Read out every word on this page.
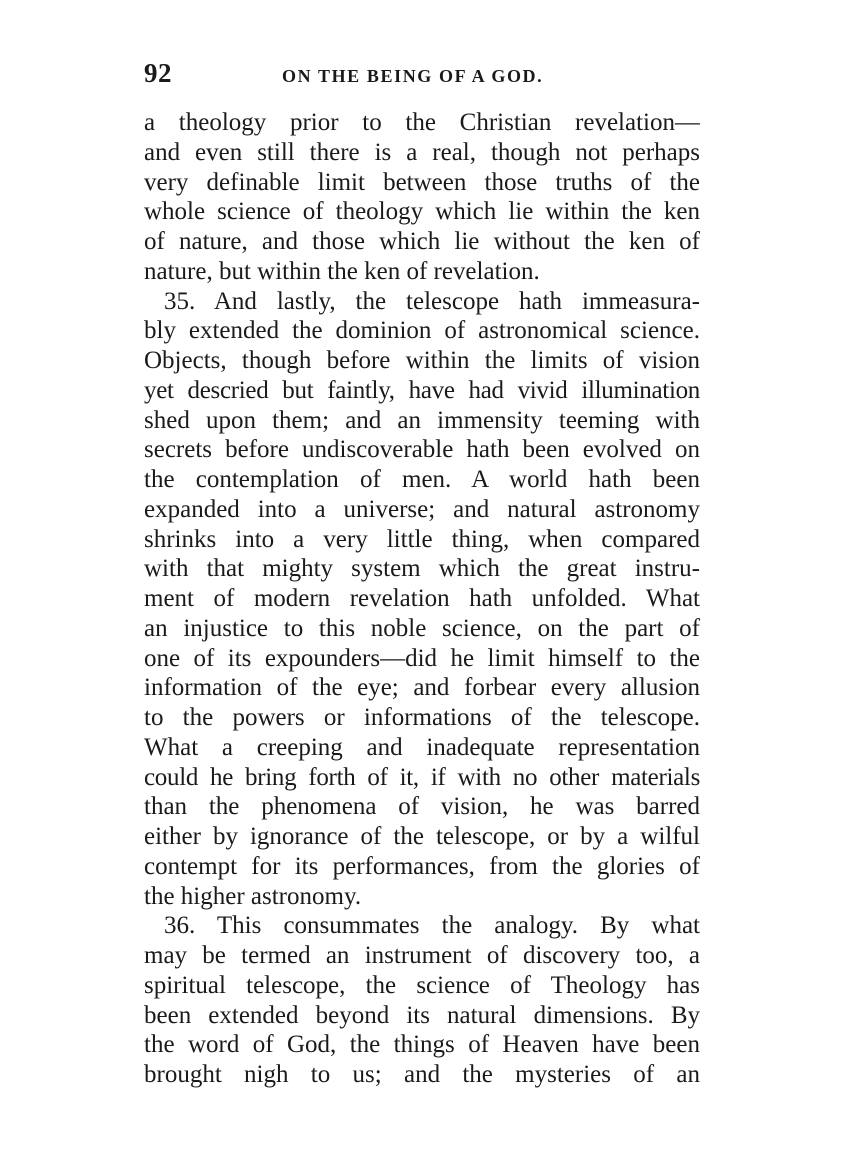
92	ON THE BEING OF A GOD.
a theology prior to the Christian revelation—
and even still there is a real, though not perhaps
very definable limit between those truths of the
whole science of theology which lie within the ken
of nature, and those which lie without the ken of
nature, but within the ken of revelation.
35. And lastly, the telescope hath immeasura-
bly extended the dominion of astronomical science.
Objects, though before within the limits of vision
yet descried but faintly, have had vivid illumination
shed upon them; and an immensity teeming with
secrets before undiscoverable hath been evolved on
the contemplation of men. A world hath been
expanded into a universe; and natural astronomy
shrinks into a very little thing, when compared
with that mighty system which the great instru-
ment of modern revelation hath unfolded. What
an injustice to this noble science, on the part of
one of its expounders—did he limit himself to the
information of the eye; and forbear every allusion
to the powers or informations of the telescope.
What a creeping and inadequate representation
could he bring forth of it, if with no other materials
than the phenomena of vision, he was barred
either by ignorance of the telescope, or by a wilful
contempt for its performances, from the glories of
the higher astronomy.
36. This consummates the analogy. By what
may be termed an instrument of discovery too, a
spiritual telescope, the science of Theology has
been extended beyond its natural dimensions. By
the word of God, the things of Heaven have been
brought nigh to us; and the mysteries of an
